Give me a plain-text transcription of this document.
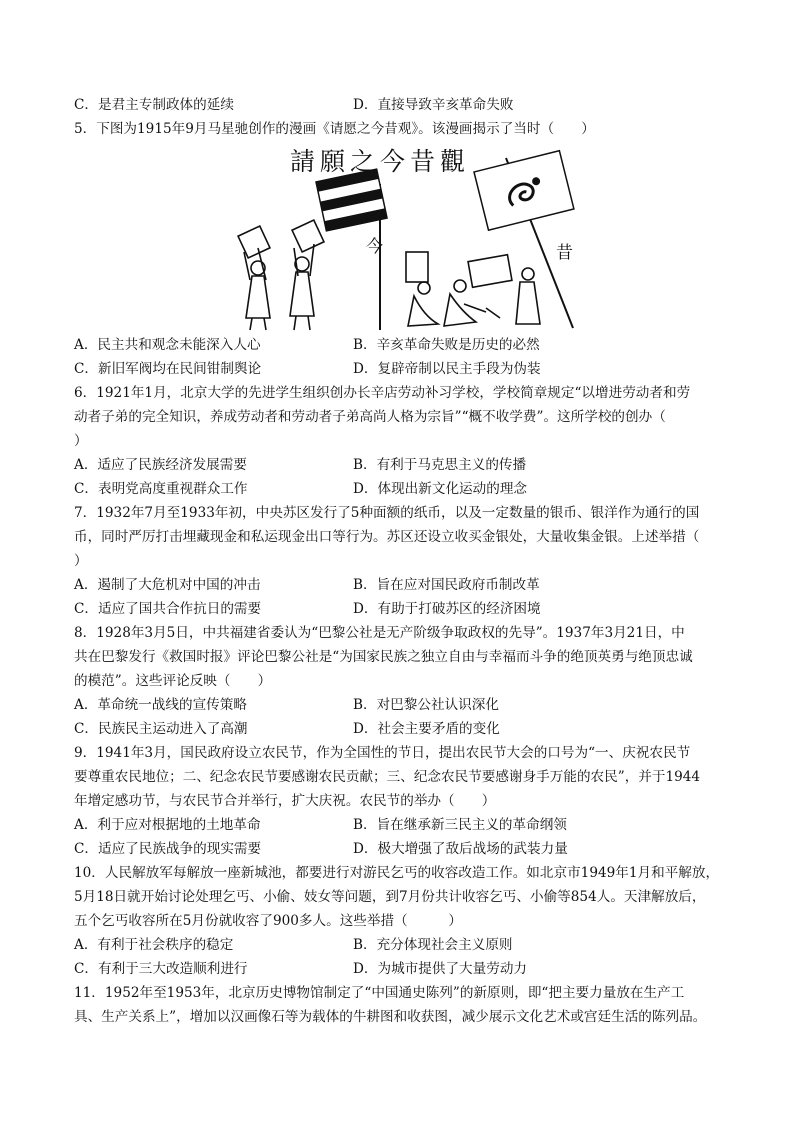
C．是君主专制政体的延续	D．直接导致辛亥革命失败
5．下图为1915年9月马星驰创作的漫画《请愿之今昔观》。该漫画揭示了当时（　　）
請願之今昔觀
今	昔
A．民主共和观念未能深入人心	B．辛亥革命失败是历史的必然
C．新旧军阀均在民间钳制舆论	D．复辟帝制以民主手段为伪装
6．1921年1月，北京大学的先进学生组织创办长辛店劳动补习学校，学校简章规定“以增进劳动者和劳
动者子弟的完全知识，养成劳动者和劳动者子弟高尚人格为宗旨”“概不收学费”。这所学校的创办（
）
A．适应了民族经济发展需要	B．有利于马克思主义的传播
C．表明党高度重视群众工作	D．体现出新文化运动的理念
7．1932年7月至1933年初，中央苏区发行了5种面额的纸币，以及一定数量的银币、银洋作为通行的国
币，同时严厉打击埋藏现金和私运现金出口等行为。苏区还设立收买金银处，大量收集金银。上述举措（
）
A．遏制了大危机对中国的冲击	B．旨在应对国民政府币制改革
C．适应了国共合作抗日的需要	D．有助于打破苏区的经济困境
8．1928年3月5日，中共福建省委认为“巴黎公社是无产阶级争取政权的先导”。1937年3月21日，中
共在巴黎发行《救国时报》评论巴黎公社是“为国家民族之独立自由与幸福而斗争的绝顶英勇与绝顶忠诚
的模范”。这些评论反映（　　）
A．革命统一战线的宣传策略	B．对巴黎公社认识深化
C．民族民主运动进入了高潮	D．社会主要矛盾的变化
9．1941年3月，国民政府设立农民节，作为全国性的节日，提出农民节大会的口号为“一、庆祝农民节
要尊重农民地位；二、纪念农民节要感谢农民贡献；三、纪念农民节要感谢身手万能的农民”，并于1944
年增定感功节，与农民节合并举行，扩大庆祝。农民节的举办（　　）
A．利于应对根据地的土地革命	B．旨在继承新三民主义的革命纲领
C．适应了民族战争的现实需要	D．极大增强了敌后战场的武装力量
10．人民解放军每解放一座新城池，都要进行对游民乞丐的收容改造工作。如北京市1949年1月和平解放，
5月18日就开始讨论处理乞丐、小偷、妓女等问题，到7月份共计收容乞丐、小偷等854人。天津解放后，
五个乞丐收容所在5月份就收容了900多人。这些举措（　　　）
A．有利于社会秩序的稳定	B．充分体现社会主义原则
C．有利于三大改造顺利进行	D．为城市提供了大量劳动力
11．1952年至1953年，北京历史博物馆制定了“中国通史陈列”的新原则，即“把主要力量放在生产工
具、生产关系上”，增加以汉画像石等为载体的牛耕图和收获图，减少展示文化艺术或宫廷生活的陈列品。
